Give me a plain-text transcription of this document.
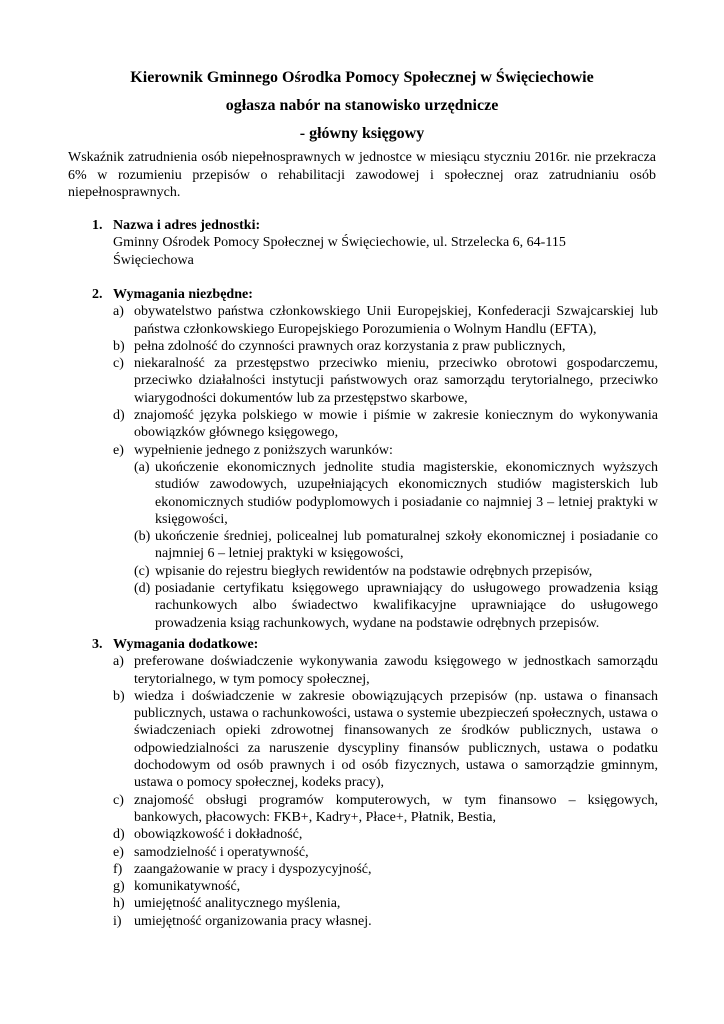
Kierownik Gminnego Ośrodka Pomocy Społecznej w Święciechowie
ogłasza nabór na stanowisko urzędnicze
- główny księgowy
Wskaźnik zatrudnienia osób niepełnosprawnych w jednostce w miesiącu styczniu 2016r. nie przekracza 6% w rozumieniu przepisów o rehabilitacji zawodowej i społecznej oraz zatrudnianiu osób niepełnosprawnych.
1. Nazwa i adres jednostki:
Gminny Ośrodek Pomocy Społecznej w Święciechowie, ul. Strzelecka 6, 64-115
Święciechowa
2. Wymagania niezbędne:
a) obywatelstwo państwa członkowskiego Unii Europejskiej, Konfederacji Szwajcarskiej lub państwa członkowskiego Europejskiego Porozumienia o Wolnym Handlu (EFTA),
b) pełna zdolność do czynności prawnych oraz korzystania z praw publicznych,
c) niekaralność za przestępstwo przeciwko mieniu, przeciwko obrotowi gospodarczemu, przeciwko działalności instytucji państwowych oraz samorządu terytorialnego, przeciwko wiarygodności dokumentów lub za przestępstwo skarbowe,
d) znajomość języka polskiego w mowie i piśmie w zakresie koniecznym do wykonywania obowiązków głównego księgowego,
e) wypełnienie jednego z poniższych warunków:
(a) ukończenie ekonomicznych jednolite studia magisterskie, ekonomicznych wyższych studiów zawodowych, uzupełniających ekonomicznych studiów magisterskich lub ekonomicznych studiów podyplomowych i posiadanie co najmniej 3 – letniej praktyki w księgowości,
(b) ukończenie średniej, policealnej lub pomaturalnej szkoły ekonomicznej i posiadanie co najmniej 6 – letniej praktyki w księgowości,
(c) wpisanie do rejestru biegłych rewidentów na podstawie odrębnych przepisów,
(d) posiadanie certyfikatu księgowego uprawniający do usługowego prowadzenia ksiąg rachunkowych albo świadectwo kwalifikacyjne uprawniające do usługowego prowadzenia ksiąg rachunkowych, wydane na podstawie odrębnych przepisów.
3. Wymagania dodatkowe:
a) preferowane doświadczenie wykonywania zawodu księgowego w jednostkach samorządu terytorialnego, w tym pomocy społecznej,
b) wiedza i doświadczenie w zakresie obowiązujących przepisów (np. ustawa o finansach publicznych, ustawa o rachunkowości, ustawa o systemie ubezpieczeń społecznych, ustawa o świadczeniach opieki zdrowotnej finansowanych ze środków publicznych, ustawa o odpowiedzialności za naruszenie dyscypliny finansów publicznych, ustawa o podatku dochodowym od osób prawnych i od osób fizycznych, ustawa o samorządzie gminnym, ustawa o pomocy społecznej, kodeks pracy),
c) znajomość obsługi programów komputerowych, w tym finansowo – księgowych, bankowych, płacowych: FKB+, Kadry+, Płace+, Płatnik, Bestia,
d) obowiązkowość i dokładność,
e) samodzielność i operatywność,
f) zaangażowanie w pracy i dyspozycyjność,
g) komunikatywność,
h) umiejętność analitycznego myślenia,
i) umiejętność organizowania pracy własnej.
